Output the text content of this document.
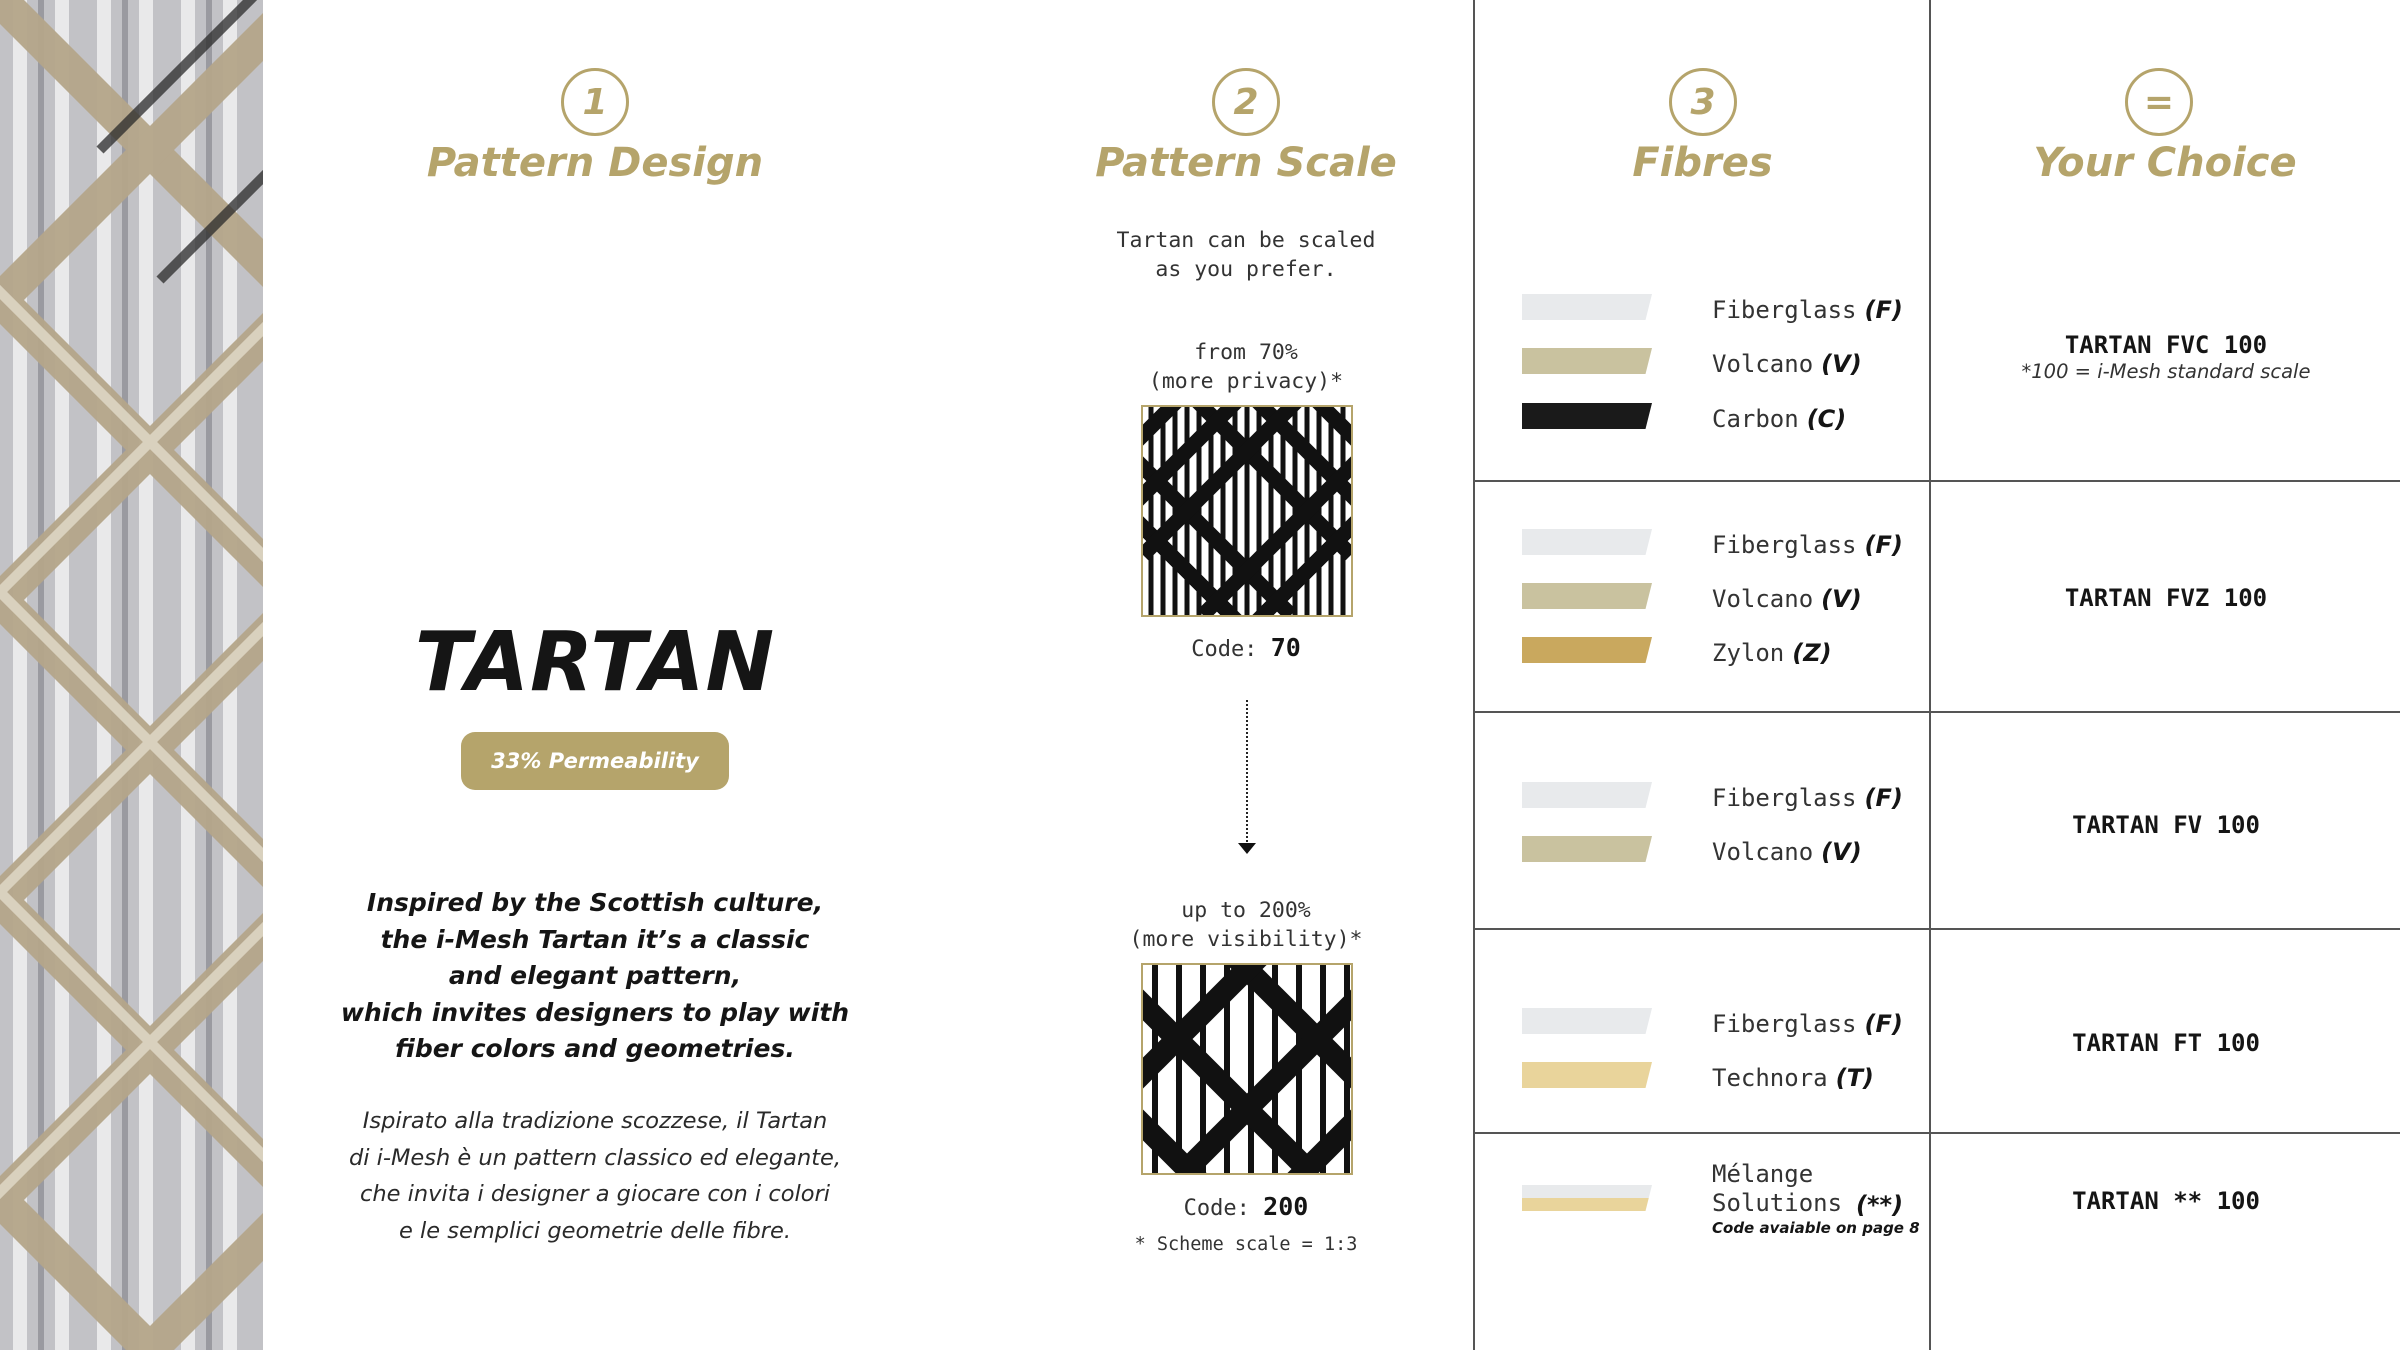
1
Pattern Design
2
Pattern Scale
3
Fibres
=
Your Choice
TARTAN
33% Permeability
Inspired by the Scottish culture,
the i-Mesh Tartan it’s a classic
and elegant pattern,
which invites designers to play with
fiber colors and geometries.
Ispirato alla tradizione scozzese, il Tartan
di i-Mesh è un pattern classico ed elegante,
che invita i designer a giocare con i colori
e le semplici geometrie delle fibre.
Tartan can be scaled
as you prefer.
from 70%
(more privacy)*
Code: 70
up to 200%
(more visibility)*
Code: 200
* Scheme scale = 1:3
Fiberglass (F)
Volcano (V)
Carbon (C)
TARTAN FVC 100
*100 = i-Mesh standard scale
Fiberglass (F)
Volcano (V)
Zylon (Z)
TARTAN FVZ 100
Fiberglass (F)
Volcano (V)
TARTAN FV 100
Fiberglass (F)
Technora (T)
TARTAN FT 100
Mélange
Solutions (**)
Code avaiable on page 8
TARTAN ** 100
